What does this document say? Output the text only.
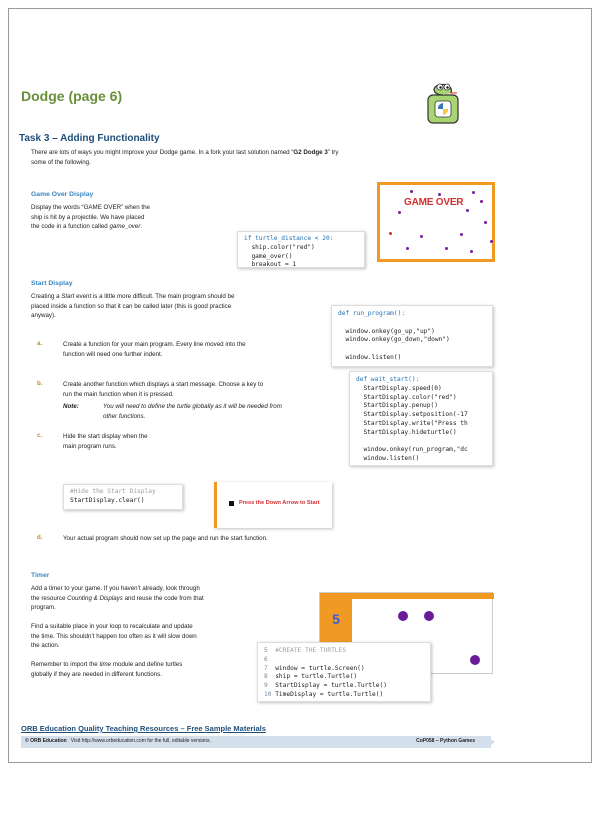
Dodge (page 6)
Task 3 – Adding Functionality
There are lots of ways you might improve your Dodge game. In a fork your last solution named “G2 Dodge 3” try
some of the following.
Game Over Display
Display the words “GAME OVER” when the
ship is hit by a projectile. We have placed
the code in a function called game_over.
if turtle_distance < 20:
ship.color("red")
game_over()
breakout = 1
GAME OVER
Start Display
Creating a Start event is a little more difficult. The main program should be
placed inside a function so that it can be called later (this is good practice
anyway).	def run_program():

window.onkey(go_up,"up")
window.onkey(go_down,"down")

window.listen()
a.	Create a function for your main program. Every line moved into the
function will need one further indent.
b.	Create another function which displays a start message. Choose a key to
run the main function when it is pressed.
Note:	You will need to define the turtle globally as it will be needed from
other functions.
def wait_start():
StartDisplay.speed(0)
StartDisplay.color("red")
StartDisplay.penup()
StartDisplay.setposition(-17
StartDisplay.write("Press th
StartDisplay.hideturtle()

window.onkey(run_program,"dc
window.listen()
c.	Hide the start display when the
main program runs.
#Hide the Start Display
StartDisplay.clear()	Press the Down Arrow to Start
d.	Your actual program should now set up the page and run the start function.
Timer
Add a timer to your game. If you haven’t already, look through
the resource Counting & Displays and reuse the code from that
program.

Find a suitable place in your loop to recalculate and update
the time. This shouldn’t happen too often as it will slow down
the action.

Remember to import the time module and define turtles
globally if they are needed in different functions.
5
5 #CREATE THE TURTLES
6
7 window = turtle.Screen()
8 ship = turtle.Turtle()
9 StartDisplay = turtle.Turtle()
10 TimeDisplay = turtle.Turtle()
ORB Education Quality Teaching Resources – Free Sample Materials
© ORB Education Visit http://www.orbeducation.com for the full, editable versions.	CoP058 – Python Games
